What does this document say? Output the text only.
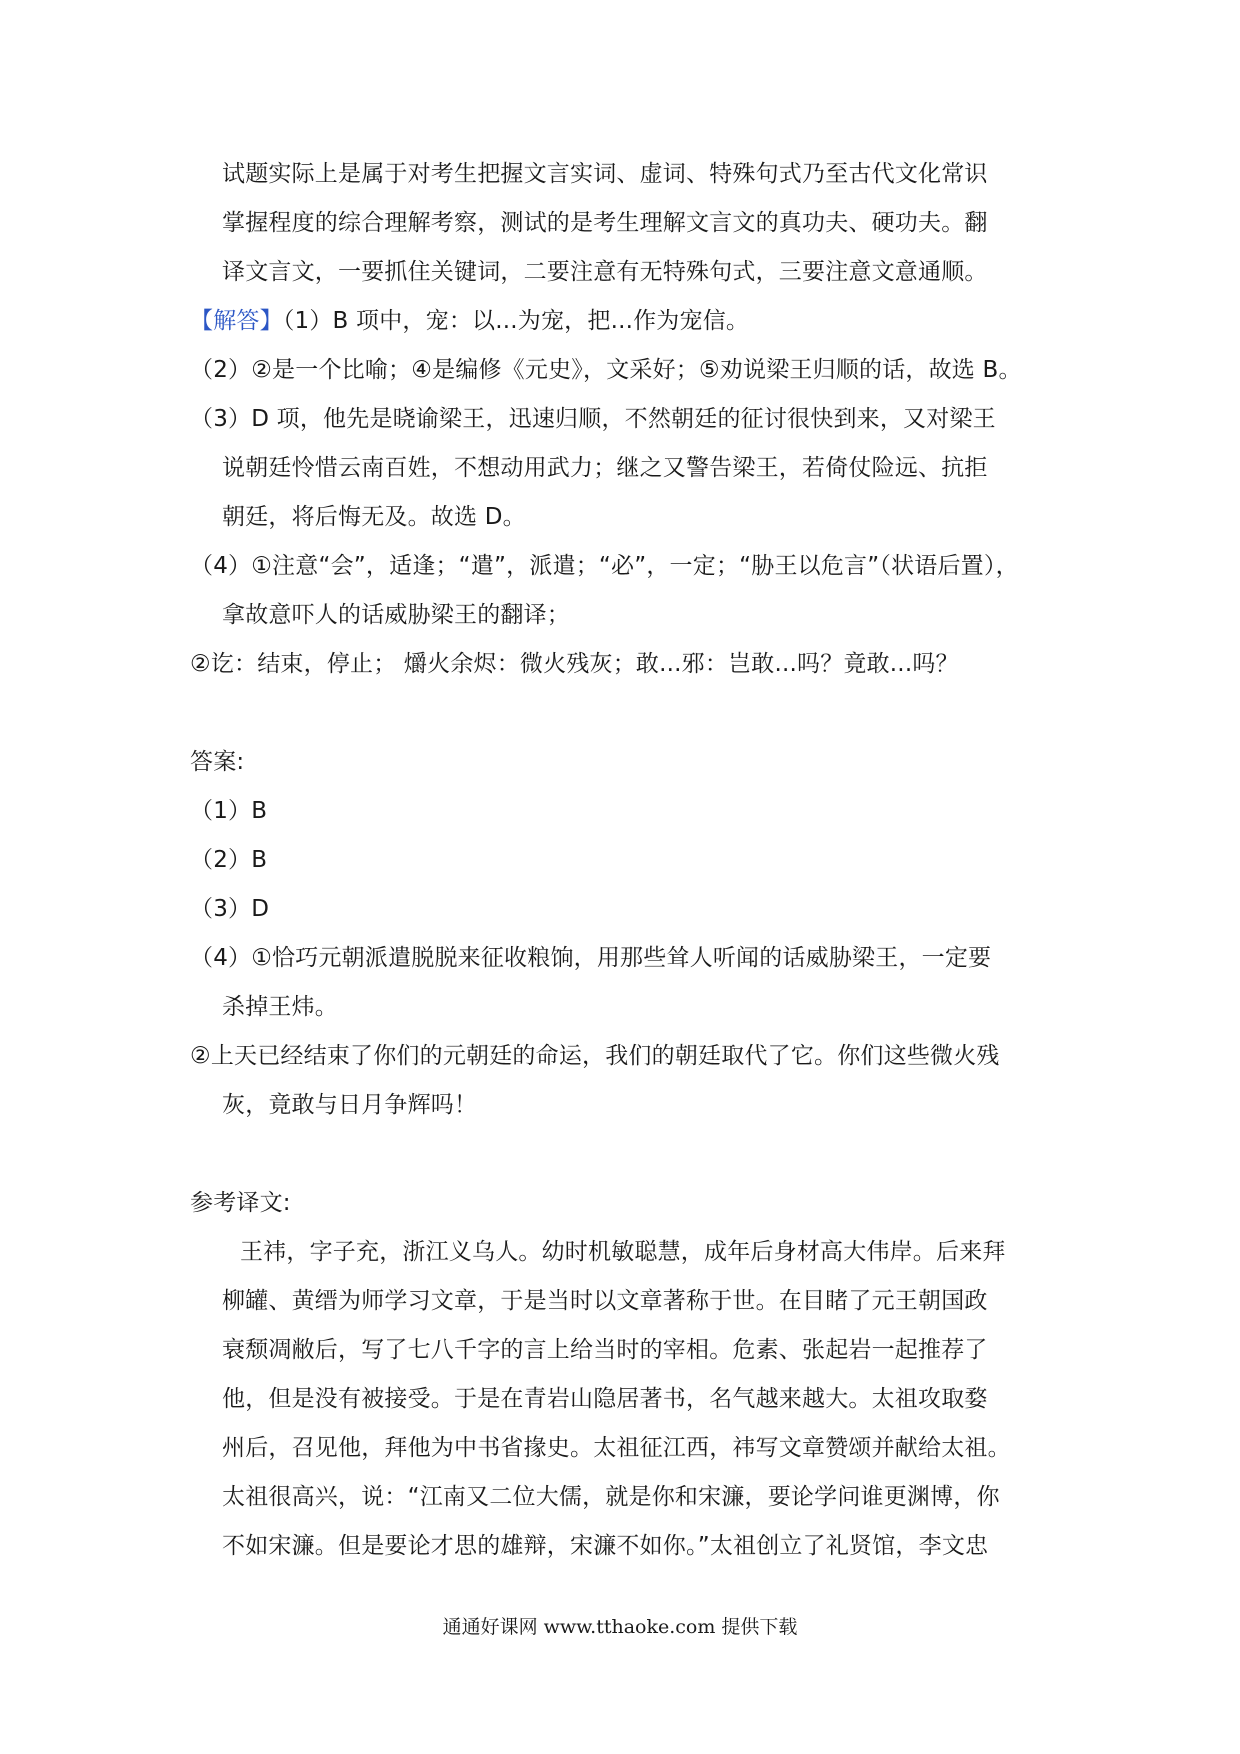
试题实际上是属于对考生把握文言实词、虚词、特殊句式乃至古代文化常识
掌握程度的综合理解考察，测试的是考生理解文言文的真功夫、硬功夫。翻
译文言文，一要抓住关键词，二要注意有无特殊句式，三要注意文意通顺。
【解答】（1）B 项中，宠：以...为宠，把...作为宠信。
（2）②是一个比喻；④是编修《元史》，文采好；⑤劝说梁王归顺的话，故选 B。
（3）D 项，他先是晓谕梁王，迅速归顺，不然朝廷的征讨很快到来，又对梁王
说朝廷怜惜云南百姓，不想动用武力；继之又警告梁王，若倚仗险远、抗拒
朝廷，将后悔无及。故选 D。
（4）①注意“会”，适逢；“遣”，派遣；“必”，一定；“胁王以危言”（状语后置），
拿故意吓人的话威胁梁王的翻译；
②讫：结束，停止； 爝火余烬：微火残灰；敢...邪：岂敢...吗？竟敢...吗？
答案:
（1）B
（2）B
（3）D
（4）①恰巧元朝派遣脱脱来征收粮饷，用那些耸人听闻的话威胁梁王，一定要
杀掉王炜。
②上天已经结束了你们的元朝廷的命运，我们的朝廷取代了它。你们这些微火残
灰，竟敢与日月争辉吗！
参考译文:
王祎，字子充，浙江义乌人。幼时机敏聪慧，成年后身材高大伟岸。后来拜
柳罐、黄缙为师学习文章，于是当时以文章著称于世。在目睹了元王朝国政
衰颓凋敝后，写了七八千字的言上给当时的宰相。危素、张起岩一起推荐了
他，但是没有被接受。于是在青岩山隐居著书，名气越来越大。太祖攻取婺
州后，召见他，拜他为中书省掾史。太祖征江西，祎写文章赞颂并献给太祖。
太祖很高兴，说：“江南又二位大儒，就是你和宋濂，要论学问谁更渊博，你
不如宋濂。但是要论才思的雄辩，宋濂不如你。”太祖创立了礼贤馆，李文忠
通通好课网 www.tthaoke.com 提供下载
